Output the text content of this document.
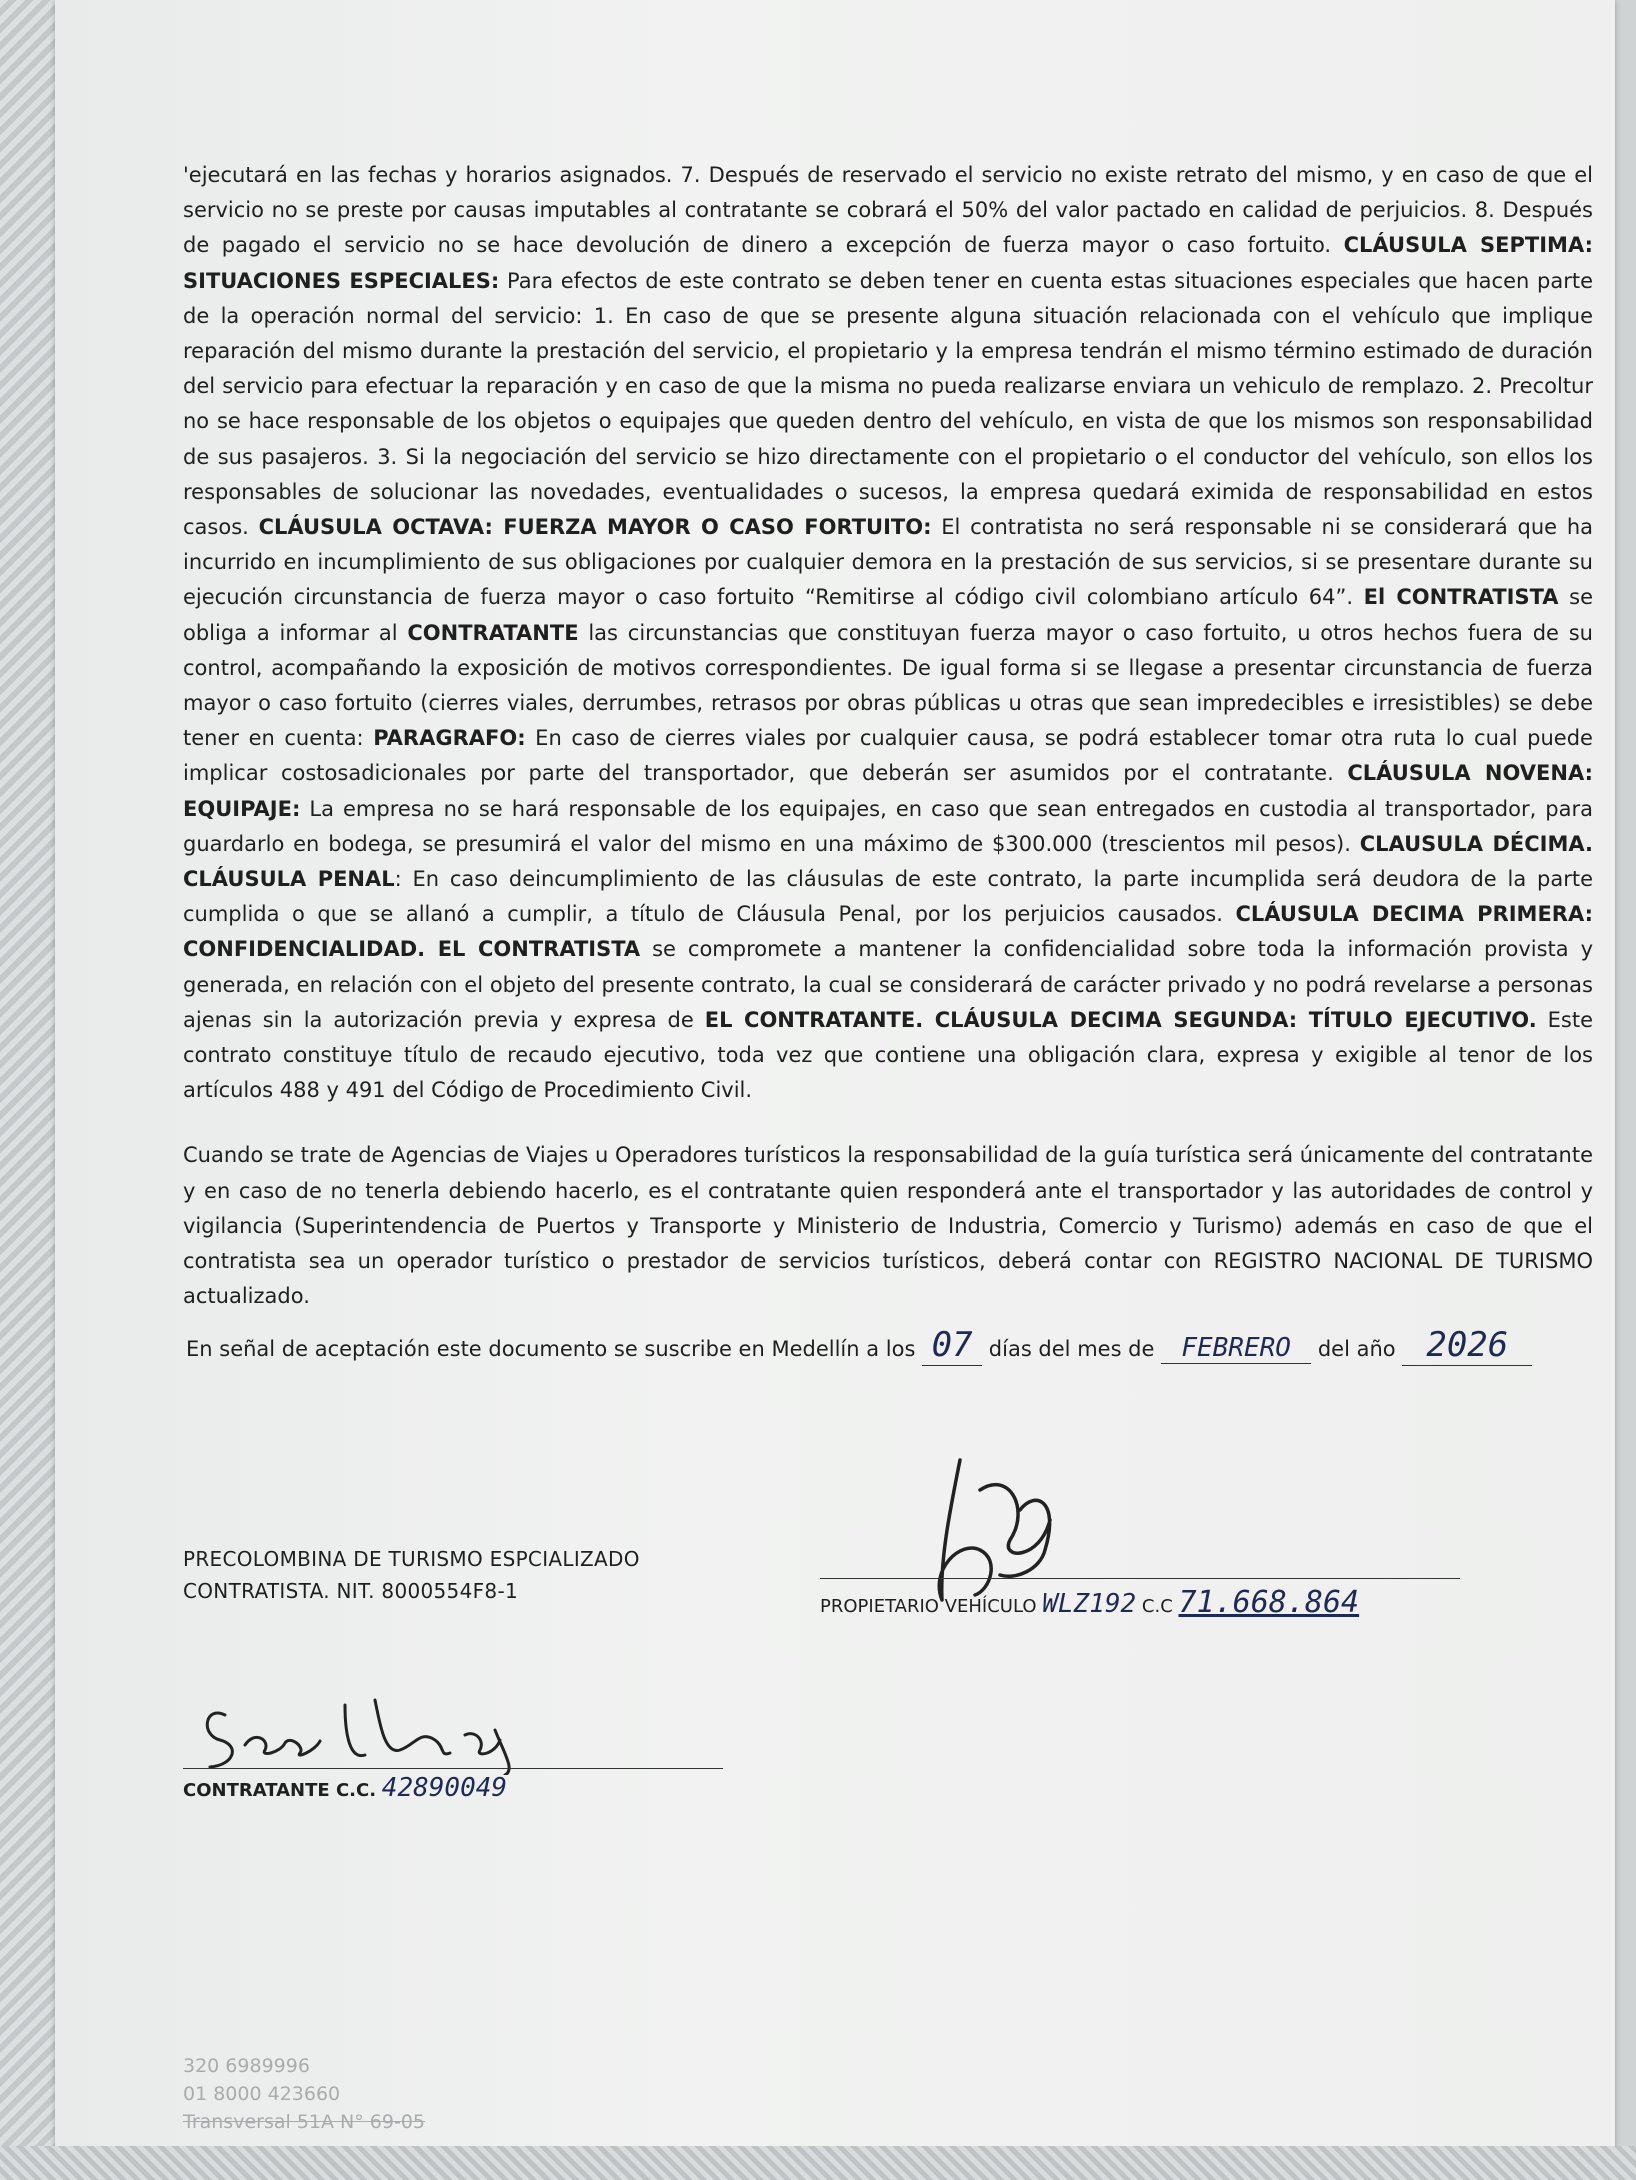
'ejecutará en las fechas y horarios asignados. 7. Después de reservado el servicio no existe retrato del mismo, y en caso de que el servicio no se preste por causas imputables al contratante se cobrará el 50% del valor pactado en calidad de perjuicios. 8. Después de pagado el servicio no se hace devolución de dinero a excepción de fuerza mayor o caso fortuito. CLÁUSULA SEPTIMA: SITUACIONES ESPECIALES: Para efectos de este contrato se deben tener en cuenta estas situaciones especiales que hacen parte de la operación normal del servicio: 1. En caso de que se presente alguna situación relacionada con el vehículo que implique reparación del mismo durante la prestación del servicio, el propietario y la empresa tendrán el mismo término estimado de duración del servicio para efectuar la reparación y en caso de que la misma no pueda realizarse enviara un vehiculo de remplazo. 2. Precoltur no se hace responsable de los objetos o equipajes que queden dentro del vehículo, en vista de que los mismos son responsabilidad de sus pasajeros. 3. Si la negociación del servicio se hizo directamente con el propietario o el conductor del vehículo, son ellos los responsables de solucionar las novedades, eventualidades o sucesos, la empresa quedará eximida de responsabilidad en estos casos. CLÁUSULA OCTAVA: FUERZA MAYOR O CASO FORTUITO: El contratista no será responsable ni se considerará que ha incurrido en incumplimiento de sus obligaciones por cualquier demora en la prestación de sus servicios, si se presentare durante su ejecución circunstancia de fuerza mayor o caso fortuito “Remitirse al código civil colombiano artículo 64”. El CONTRATISTA se obliga a informar al CONTRATANTE las circunstancias que constituyan fuerza mayor o caso fortuito, u otros hechos fuera de su control, acompañando la exposición de motivos correspondientes. De igual forma si se llegase a presentar circunstancia de fuerza mayor o caso fortuito (cierres viales, derrumbes, retrasos por obras públicas u otras que sean impredecibles e irresistibles) se debe tener en cuenta: PARAGRAFO: En caso de cierres viales por cualquier causa, se podrá establecer tomar otra ruta lo cual puede implicar costosadicionales por parte del transportador, que deberán ser asumidos por el contratante. CLÁUSULA NOVENA: EQUIPAJE: La empresa no se hará responsable de los equipajes, en caso que sean entregados en custodia al transportador, para guardarlo en bodega, se presumirá el valor del mismo en una máximo de $300.000 (trescientos mil pesos). CLAUSULA DÉCIMA. CLÁUSULA PENAL: En caso deincumplimiento de las cláusulas de este contrato, la parte incumplida será deudora de la parte cumplida o que se allanó a cumplir, a título de Cláusula Penal, por los perjuicios causados. CLÁUSULA DECIMA PRIMERA: CONFIDENCIALIDAD. EL CONTRATISTA se compromete a mantener la confidencialidad sobre toda la información provista y generada, en relación con el objeto del presente contrato, la cual se considerará de carácter privado y no podrá revelarse a personas ajenas sin la autorización previa y expresa de EL CONTRATANTE. CLÁUSULA DECIMA SEGUNDA: TÍTULO EJECUTIVO. Este contrato constituye título de recaudo ejecutivo, toda vez que contiene una obligación clara, expresa y exigible al tenor de los artículos 488 y 491 del Código de Procedimiento Civil.

Cuando se trate de Agencias de Viajes u Operadores turísticos la responsabilidad de la guía turística será únicamente del contratante y en caso de no tenerla debiendo hacerlo, es el contratante quien responderá ante el transportador y las autoridades de control y vigilancia (Superintendencia de Puertos y Transporte y Ministerio de Industria, Comercio y Turismo) además en caso de que el contratista sea un operador turístico o prestador de servicios turísticos, deberá contar con REGISTRO NACIONAL DE TURISMO actualizado.

En señal de aceptación este documento se suscribe en Medellín a los 07 días del mes de FEBRERO del año 2026
PRECOLOMBINA DE TURISMO ESPCIALIZADO
CONTRATISTA. NIT. 8000554F8-1
PROPIETARIO VEHÍCULO WLZ192 C.C 71.668.864
CONTRATANTE C.C. 42890049
320 6989996
01 8000 423660
Transversal 51A N° 69-05
